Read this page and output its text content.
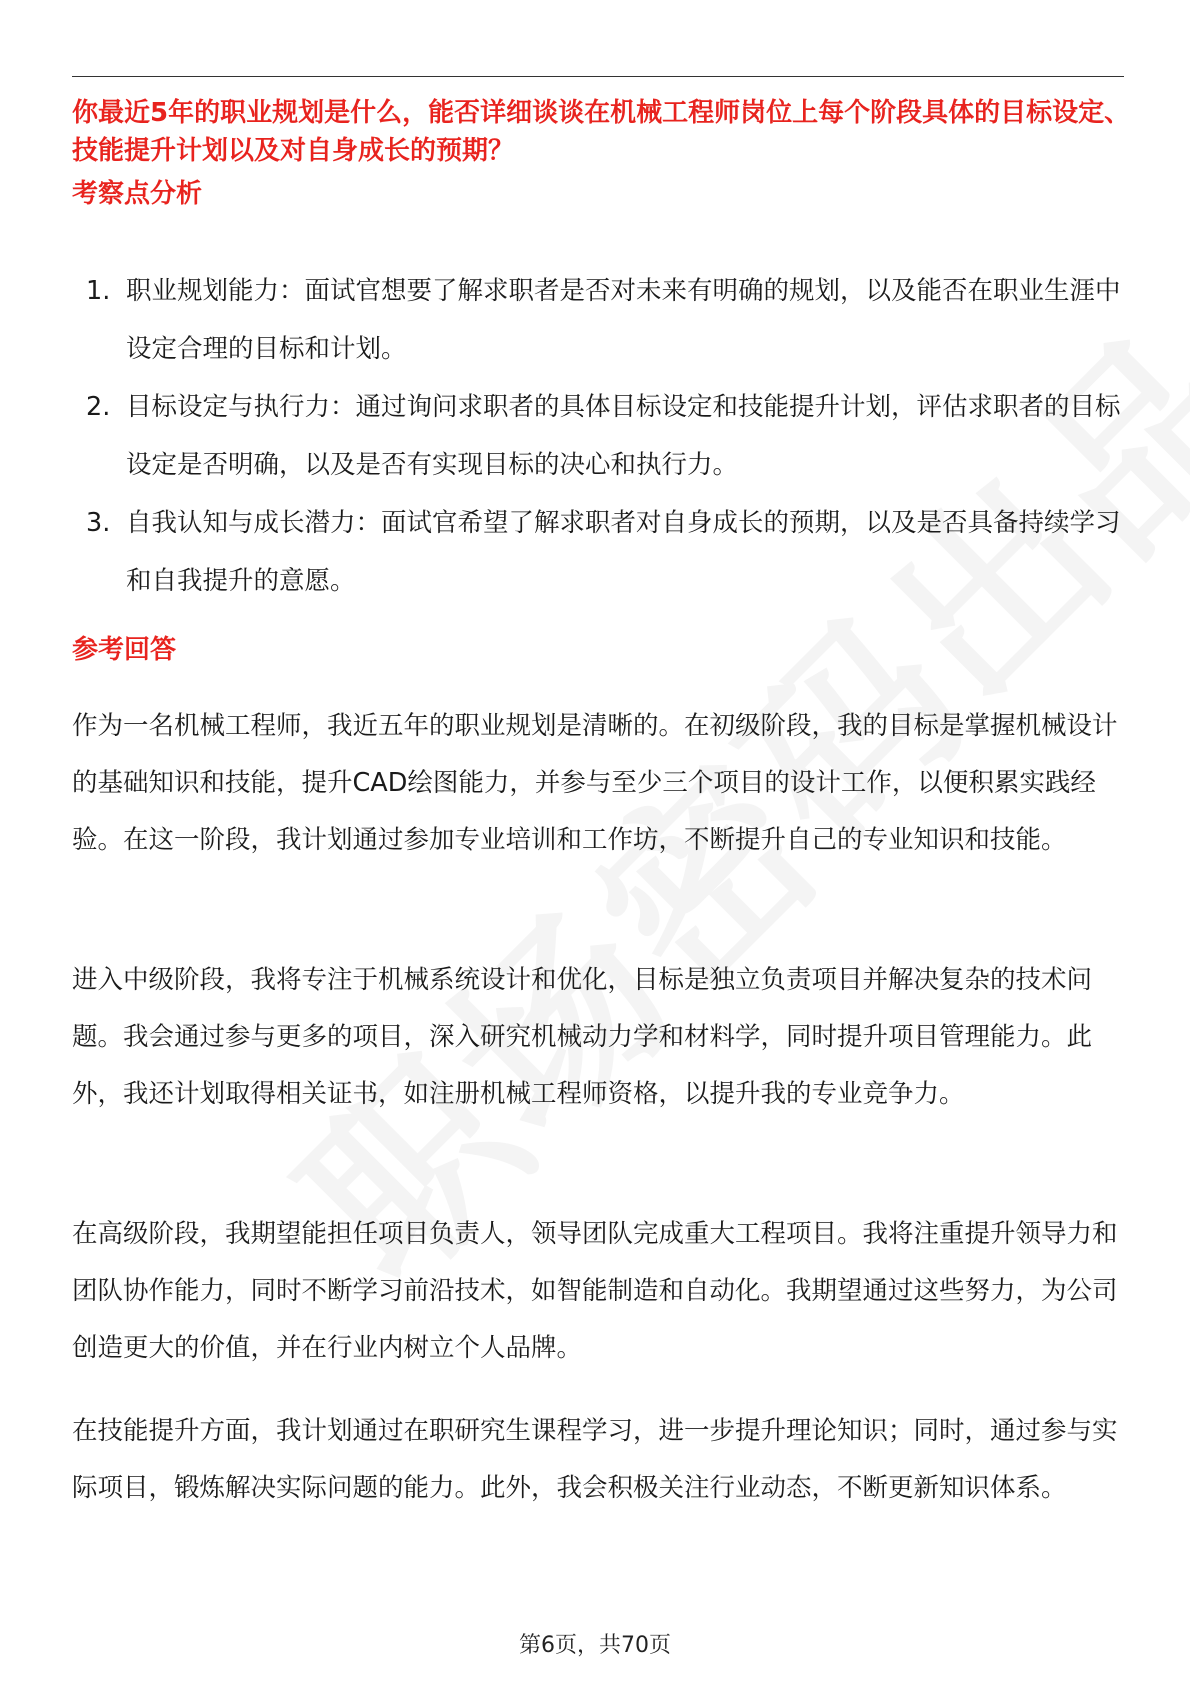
你最近5年的职业规划是什么，能否详细谈谈在机械工程师岗位上每个阶段具体的目标设定、技能提升计划以及对自身成长的预期？

考察点分析
1. 职业规划能力：面试官想要了解求职者是否对未来有明确的规划，以及能否在职业生涯中设定合理的目标和计划。
2. 目标设定与执行力：通过询问求职者的具体目标设定和技能提升计划，评估求职者的目标设定是否明确，以及是否有实现目标的决心和执行力。
3. 自我认知与成长潜力：面试官希望了解求职者对自身成长的预期，以及是否具备持续学习和自我提升的意愿。
参考回答

作为一名机械工程师，我近五年的职业规划是清晰的。在初级阶段，我的目标是掌握机械设计的基础知识和技能，提升CAD绘图能力，并参与至少三个项目的设计工作，以便积累实践经验。在这一阶段，我计划通过参加专业培训和工作坊，不断提升自己的专业知识和技能。

进入中级阶段，我将专注于机械系统设计和优化，目标是独立负责项目并解决复杂的技术问题。我会通过参与更多的项目，深入研究机械动力学和材料学，同时提升项目管理能力。此外，我还计划取得相关证书，如注册机械工程师资格，以提升我的专业竞争力。

在高级阶段，我期望能担任项目负责人，领导团队完成重大工程项目。我将注重提升领导力和团队协作能力，同时不断学习前沿技术，如智能制造和自动化。我期望通过这些努力，为公司创造更大的价值，并在行业内树立个人品牌。

在技能提升方面，我计划通过在职研究生课程学习，进一步提升理论知识；同时，通过参与实际项目，锻炼解决实际问题的能力。此外，我会积极关注行业动态，不断更新知识体系。

第6页，共70页
